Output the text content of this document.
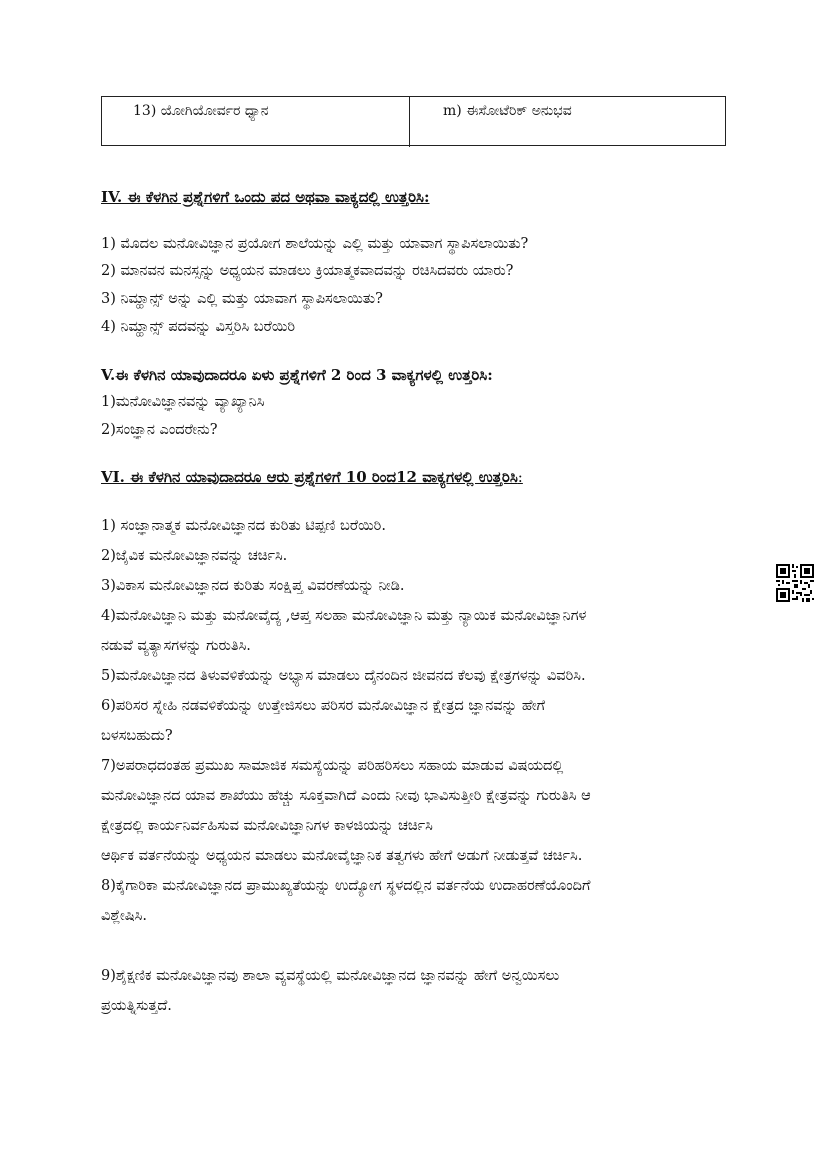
13) ಯೋಗಿಯೋರ್ವರ ಧ್ಯಾನ	m) ಈಸೋಟೆರಿಕ್ ಅನುಭವ
IV. ಈ ಕೆಳಗಿನ ಪ್ರಶ್ನೆಗಳಿಗೆ ಒಂದು ಪದ ಅಥವಾ ವಾಕ್ಯದಲ್ಲಿ ಉತ್ತರಿಸಿ:
1) ಮೊದಲ ಮನೋವಿಜ್ಞಾನ ಪ್ರಯೋಗ ಶಾಲೆಯನ್ನು ಎಲ್ಲಿ ಮತ್ತು ಯಾವಾಗ ಸ್ಥಾಪಿಸಲಾಯಿತು?
2) ಮಾನವನ ಮನಸ್ಸನ್ನು ಅಧ್ಯಯನ ಮಾಡಲು ಕ್ರಿಯಾತ್ಮಕವಾದವನ್ನು ರಚಿಸಿದವರು ಯಾರು?
3) ನಿಮ್ಹಾನ್ಸ್ ಅನ್ನು ಎಲ್ಲಿ ಮತ್ತು ಯಾವಾಗ ಸ್ಥಾಪಿಸಲಾಯಿತು?
4) ನಿಮ್ಹಾನ್ಸ್ ಪದವನ್ನು ವಿಸ್ತರಿಸಿ ಬರೆಯಿರಿ
V.ಈ ಕೆಳಗಿನ ಯಾವುದಾದರೂ ಏಳು ಪ್ರಶ್ನೆಗಳಿಗೆ 2 ರಿಂದ 3 ವಾಕ್ಯಗಳಲ್ಲಿ ಉತ್ತರಿಸಿ:
1)ಮನೋವಿಜ್ಞಾನವನ್ನು ವ್ಯಾಖ್ಯಾನಿಸಿ
2)ಸಂಜ್ಞಾನ ಎಂದರೇನು?
VI. ಈ ಕೆಳಗಿನ ಯಾವುದಾದರೂ ಆರು ಪ್ರಶ್ನೆಗಳಿಗೆ 10 ರಿಂದ12 ವಾಕ್ಯಗಳಲ್ಲಿ ಉತ್ತರಿಸಿ:
1) ಸಂಜ್ಞಾನಾತ್ಮಕ ಮನೋವಿಜ್ಞಾನದ ಕುರಿತು ಟಿಪ್ಪಣಿ ಬರೆಯಿರಿ.
2)ಜೈವಿಕ ಮನೋವಿಜ್ಞಾನವನ್ನು ಚರ್ಚಿಸಿ.
3)ವಿಕಾಸ ಮನೋವಿಜ್ಞಾನದ ಕುರಿತು ಸಂಕ್ಷಿಪ್ತ ವಿವರಣೆಯನ್ನು ನೀಡಿ.
4)ಮನೋವಿಜ್ಞಾನಿ ಮತ್ತು ಮನೋವೈದ್ಯ ,ಆಪ್ತ ಸಲಹಾ ಮನೋವಿಜ್ಞಾನಿ ಮತ್ತು ನ್ಯಾಯಿಕ ಮನೋವಿಜ್ಞಾನಿಗಳ
ನಡುವೆ ವ್ಯತ್ಯಾಸಗಳನ್ನು ಗುರುತಿಸಿ.
5)ಮನೋವಿಜ್ಞಾನದ ತಿಳುವಳಿಕೆಯನ್ನು ಅಭ್ಯಾಸ ಮಾಡಲು ದೈನಂದಿನ ಜೀವನದ ಕೆಲವು ಕ್ಷೇತ್ರಗಳನ್ನು ವಿವರಿಸಿ.
6)ಪರಿಸರ ಸ್ನೇಹಿ ನಡವಳಿಕೆಯನ್ನು ಉತ್ತೇಜಿಸಲು ಪರಿಸರ ಮನೋವಿಜ್ಞಾನ ಕ್ಷೇತ್ರದ ಜ್ಞಾನವನ್ನು ಹೇಗೆ
ಬಳಸಬಹುದು?
7)ಅಪರಾಧದಂತಹ ಪ್ರಮುಖ ಸಾಮಾಜಿಕ ಸಮಸ್ಯೆಯನ್ನು ಪರಿಹರಿಸಲು ಸಹಾಯ ಮಾಡುವ ವಿಷಯದಲ್ಲಿ
ಮನೋವಿಜ್ಞಾನದ ಯಾವ ಶಾಖೆಯು ಹೆಚ್ಚು ಸೂಕ್ತವಾಗಿದೆ ಎಂದು ನೀವು ಭಾವಿಸುತ್ತೀರಿ ಕ್ಷೇತ್ರವನ್ನು ಗುರುತಿಸಿ ಆ
ಕ್ಷೇತ್ರದಲ್ಲಿ ಕಾರ್ಯನಿರ್ವಹಿಸುವ ಮನೋವಿಜ್ಞಾನಿಗಳ ಕಾಳಜಿಯನ್ನು ಚರ್ಚಿಸಿ
ಆರ್ಥಿಕ ವರ್ತನೆಯನ್ನು ಅಧ್ಯಯನ ಮಾಡಲು ಮನೋವೈಜ್ಞಾನಿಕ ತತ್ವಗಳು ಹೇಗೆ ಅಡುಗೆ ನೀಡುತ್ತವೆ ಚರ್ಚಿಸಿ.
8)ಕೈಗಾರಿಕಾ ಮನೋವಿಜ್ಞಾನದ ಪ್ರಾಮುಖ್ಯತೆಯನ್ನು ಉದ್ಯೋಗ ಸ್ಥಳದಲ್ಲಿನ ವರ್ತನೆಯ ಉದಾಹರಣೆಯೊಂದಿಗೆ
ವಿಶ್ಲೇಷಿಸಿ.
9)ಶೈಕ್ಷಣಿಕ ಮನೋವಿಜ್ಞಾನವು ಶಾಲಾ ವ್ಯವಸ್ಥೆಯಲ್ಲಿ ಮನೋವಿಜ್ಞಾನದ ಜ್ಞಾನವನ್ನು ಹೇಗೆ ಅನ್ವಯಿಸಲು
ಪ್ರಯತ್ನಿಸುತ್ತದೆ.
